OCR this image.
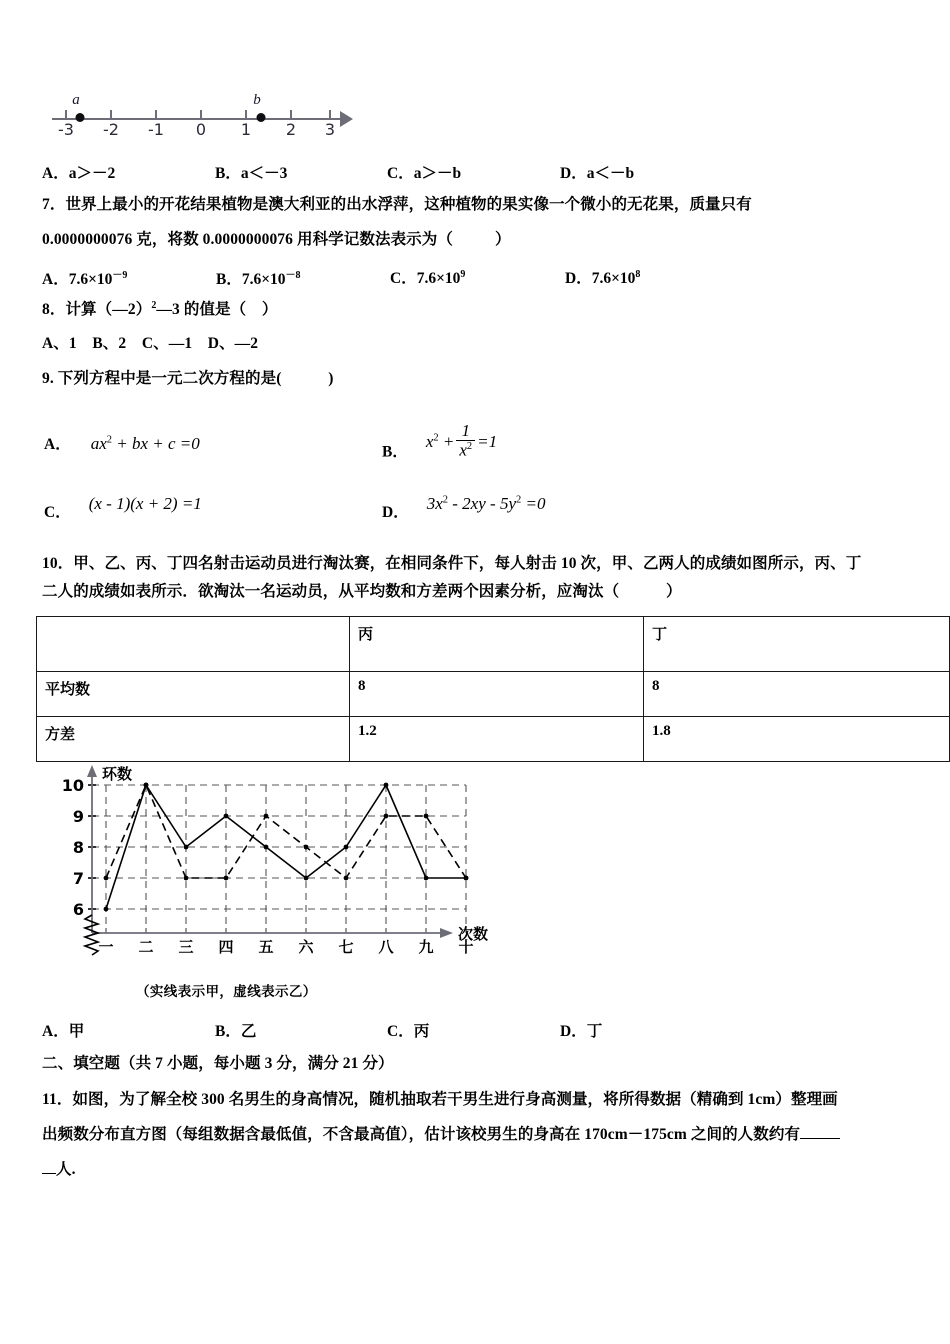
-3 -2 -1 0 1 2 3
a	b
A．a＞－2	B．a＜－3	C．a＞－b	D．a＜－b
7．世界上最小的开花结果植物是澳大利亚的出水浮萍，这种植物的果实像一个微小的无花果，质量只有
0.0000000076 克，将数 0.0000000076 用科学记数法表示为（	）
A．$7.6\times 10^{-9}$	B．$7.6\times 10^{-8}$	C．$7.6\times 10^9$	D．$7.6\times 10^8$
8．计算（—2）$^2$—3 的值是（　）
A、1　B、2　C、—1　D、—2
9. 下列方程中是一元二次方程的是(　　　)
A． $ax^2$ + bx + c =0	B．  $x^2 + \frac{1}{x^2} =1$
C． (x - 1)(x + 2) =1	D． $3x^2 - 2xy - 5y^2 =0$
10．甲、乙、丙、丁四名射击运动员进行淘汰赛，在相同条件下，每人射击 10 次，甲、乙两人的成绩如图所示，丙、丁
二人的成绩如表所示．欲淘汰一名运动员，从平均数和方差两个因素分析，应淘汰（　　　）
	丙	丁
平均数	8	8
方差	1.2	1.8
6
7
8
9
10
一 二 三 四 五 六 七 八 九 十
环数
次数
（实线表示甲，虚线表示乙）
A．甲	B．乙	C．丙	D．丁
二、填空题（共 7 小题，每小题 3 分，满分 21 分）
11．如图，为了解全校 300 名男生的身高情况，随机抽取若干男生进行身高测量，将所得数据（精确到 1cm）整理画
出频数分布直方图（每组数据含最低值，不含最高值），估计该校男生的身高在 170cm－175cm 之间的人数约有
人.
